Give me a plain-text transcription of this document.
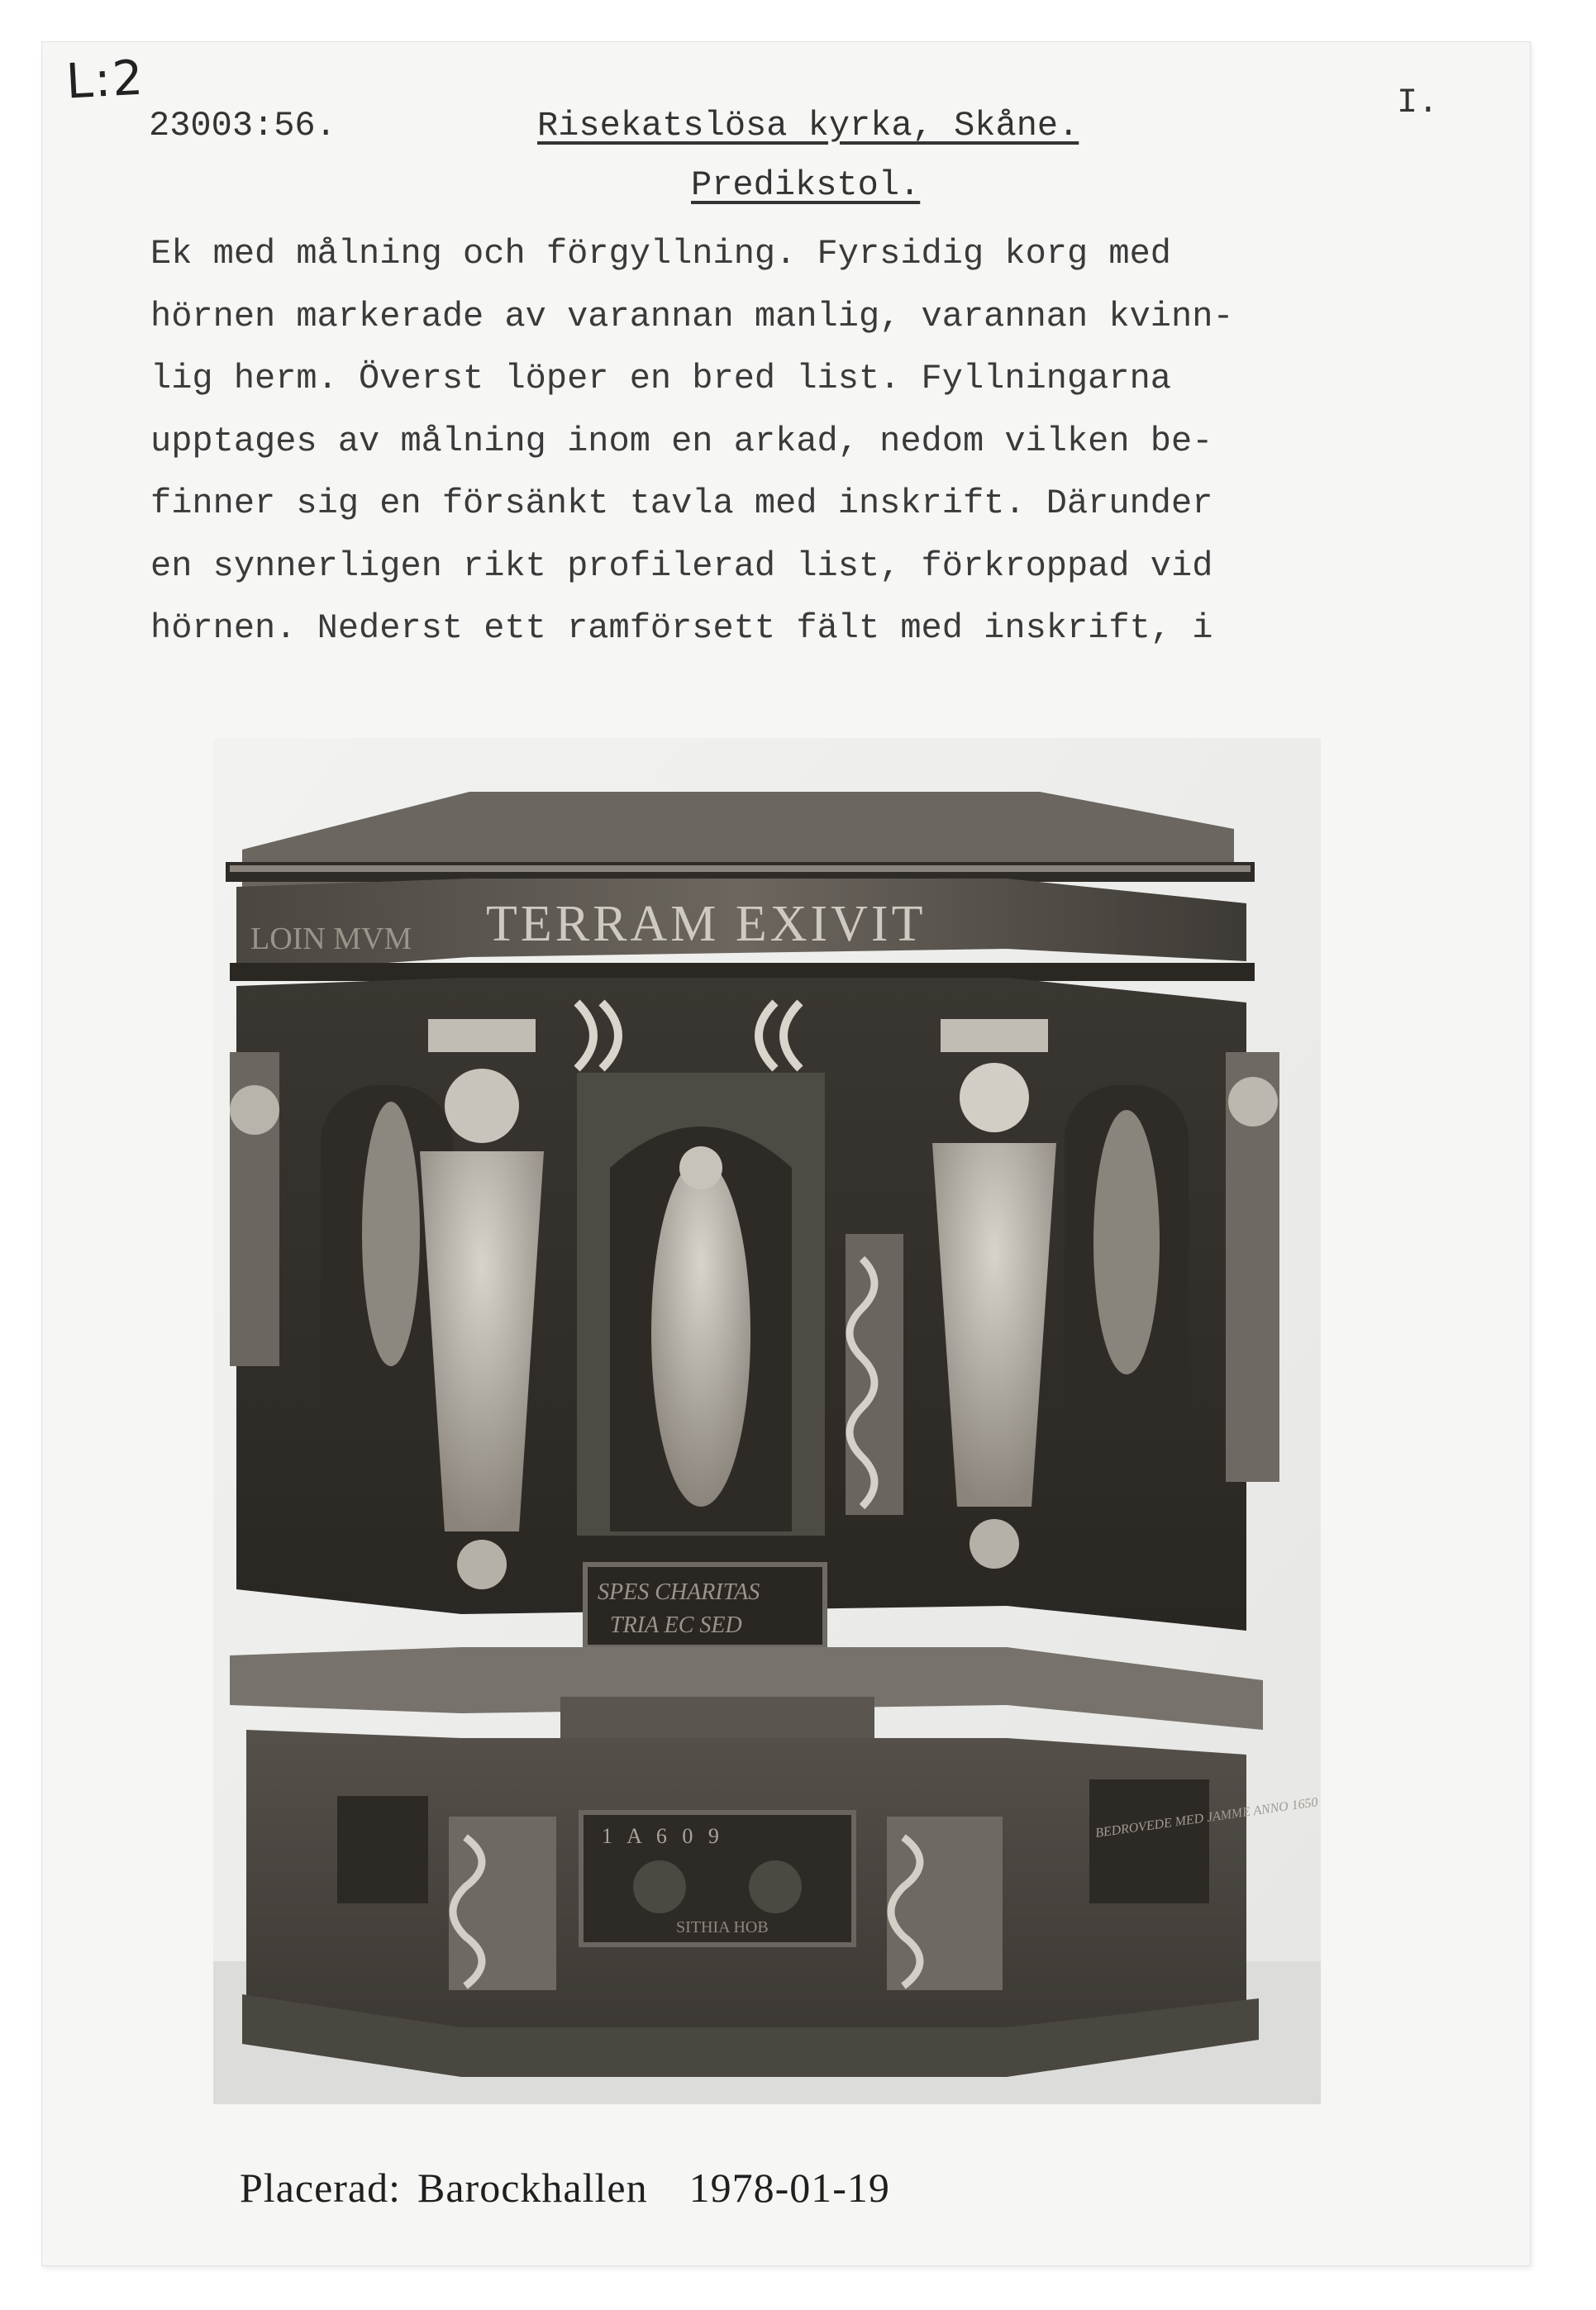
L:2
23003:56.
I.
Risekatslösa kyrka, Skåne.
Predikstol.
Ek med målning och förgyllning. Fyrsidig korg med
hörnen markerade av varannan manlig, varannan kvinn-
lig herm. Överst löper en bred list. Fyllningarna
upptages av målning inom en arkad, nedom vilken be-
finner sig en försänkt tavla med inskrift. Därunder
en synnerligen rikt profilerad list, förkroppad vid
hörnen. Nederst ett ramförsett fält med inskrift, i
LOIN MVM TERRAM EXIVIT
SPES CHARITAS
TRIA EC SED
1 A 6 0 9
SITHIA HOB
BEDROVEDE MED JAMME ANNO 1650
Placerad: Barockhallen 1978-01-19
